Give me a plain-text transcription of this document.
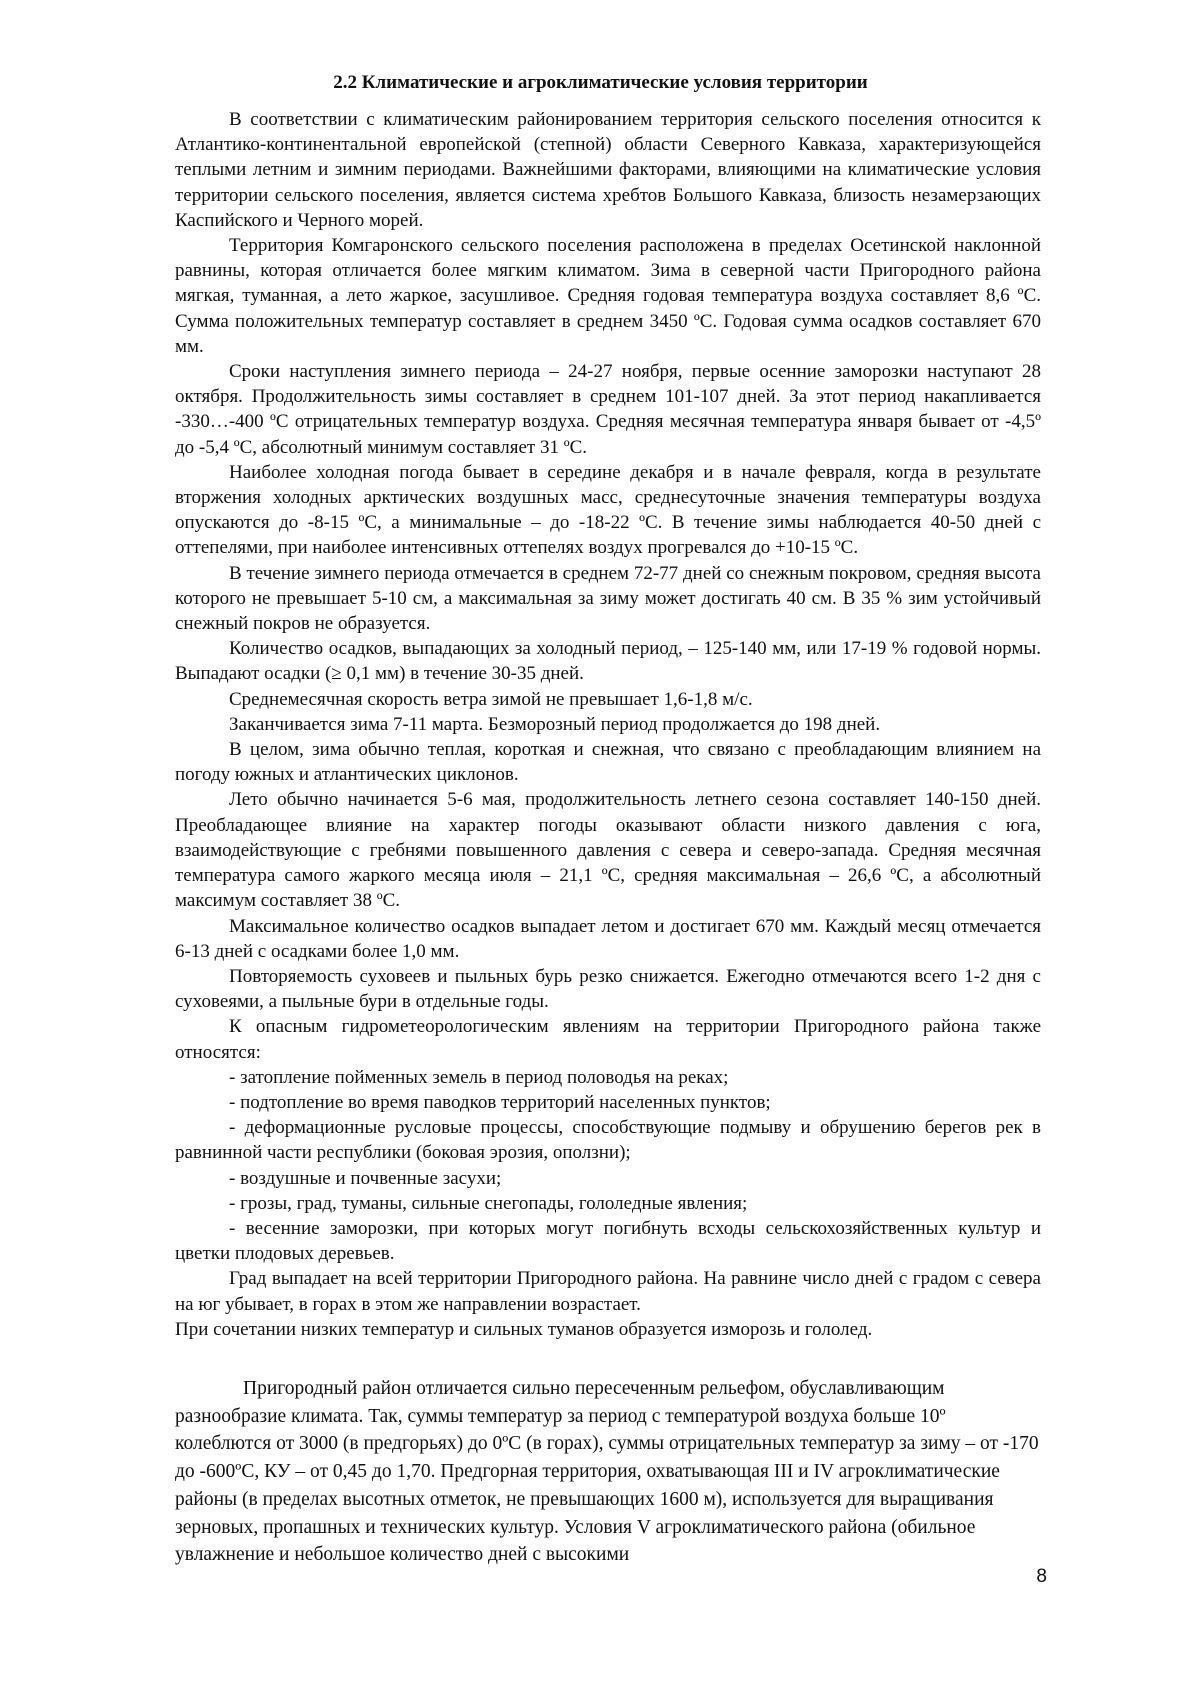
2.2 Климатические и агроклиматические условия территории

В соответствии с климатическим районированием территория сельского поселения относится к Атлантико-континентальной европейской (степной) области Северного Кавказа, характеризующейся теплыми летним и зимним периодами. Важнейшими факторами, влияющими на климатические условия территории сельского поселения, является система хребтов Большого Кавказа, близость незамерзающих Каспийского и Черного морей.

Территория Комгаронского сельского поселения расположена в пределах Осетинской наклонной равнины, которая отличается более мягким климатом. Зима в северной части Пригородного района мягкая, туманная, а лето жаркое, засушливое. Средняя годовая температура воздуха составляет 8,6 ºС. Сумма положительных температур составляет в среднем 3450 ºС. Годовая сумма осадков составляет 670 мм.

Сроки наступления зимнего периода – 24-27 ноября, первые осенние заморозки наступают 28 октября. Продолжительность зимы составляет в среднем 101-107 дней. За этот период накапливается -330…-400 ºС отрицательных температур воздуха. Средняя месячная температура января бывает от -4,5º до -5,4 ºС, абсолютный минимум составляет 31 ºС.

Наиболее холодная погода бывает в середине декабря и в начале февраля, когда в результате вторжения холодных арктических воздушных масс, среднесуточные значения температуры воздуха опускаются до -8-15 ºС, а минимальные – до -18-22 ºС. В течение зимы наблюдается 40-50 дней с оттепелями, при наиболее интенсивных оттепелях воздух прогревался до +10-15 ºС.

В течение зимнего периода отмечается в среднем 72-77 дней со снежным покровом, средняя высота которого не превышает 5-10 см, а максимальная за зиму может достигать 40 см. В 35 % зим устойчивый снежный покров не образуется.

Количество осадков, выпадающих за холодный период, – 125-140 мм, или 17-19 % годовой нормы. Выпадают осадки (≥ 0,1 мм) в течение 30-35 дней.

Среднемесячная скорость ветра зимой не превышает 1,6-1,8 м/с.

Заканчивается зима 7-11 марта. Безморозный период продолжается до 198 дней.

В целом, зима обычно теплая, короткая и снежная, что связано с преобладающим влиянием на погоду южных и атлантических циклонов.

Лето обычно начинается 5-6 мая, продолжительность летнего сезона составляет 140-150 дней. Преобладающее влияние на характер погоды оказывают области низкого давления с юга, взаимодействующие с гребнями повышенного давления с севера и северо-запада. Средняя месячная температура самого жаркого месяца июля – 21,1 ºС, средняя максимальная – 26,6 ºС, а абсолютный максимум составляет 38 ºС.

Максимальное количество осадков выпадает летом и достигает 670 мм. Каждый месяц отмечается 6-13 дней с осадками более 1,0 мм.

Повторяемость суховеев и пыльных бурь резко снижается. Ежегодно отмечаются всего 1-2 дня с суховеями, а пыльные бури в отдельные годы.

К опасным гидрометеорологическим явлениям на территории Пригородного района также относятся:

- затопление пойменных земель в период половодья на реках;

- подтопление во время паводков территорий населенных пунктов;

- деформационные русловые процессы, способствующие подмыву и обрушению берегов рек в равнинной части республики (боковая эрозия, оползни);

- воздушные и почвенные засухи;

- грозы, град, туманы, сильные снегопады, гололедные явления;

- весенние заморозки, при которых могут погибнуть всходы сельскохозяйственных культур и цветки плодовых деревьев.

Град выпадает на всей территории Пригородного района. На равнине число дней с градом с севера на юг убывает, в горах в этом же направлении возрастает.

При сочетании низких температур и сильных туманов образуется изморозь и гололед.

Пригородный район отличается сильно пересеченным рельефом, обуславливающим разнообразие климата. Так, суммы температур за период с температурой воздуха больше 10º колеблются от 3000 (в предгорьях) до 0ºС (в горах), суммы отрицательных температур за зиму – от -170 до -600ºС, КУ – от 0,45 до 1,70. Предгорная территория, охватывающая III и IV агроклиматические районы (в пределах высотных отметок, не превышающих 1600 м), используется для выращивания зерновых, пропашных и технических культур. Условия V агроклиматического района (обильное увлажнение и небольшое количество дней с высокими

8
